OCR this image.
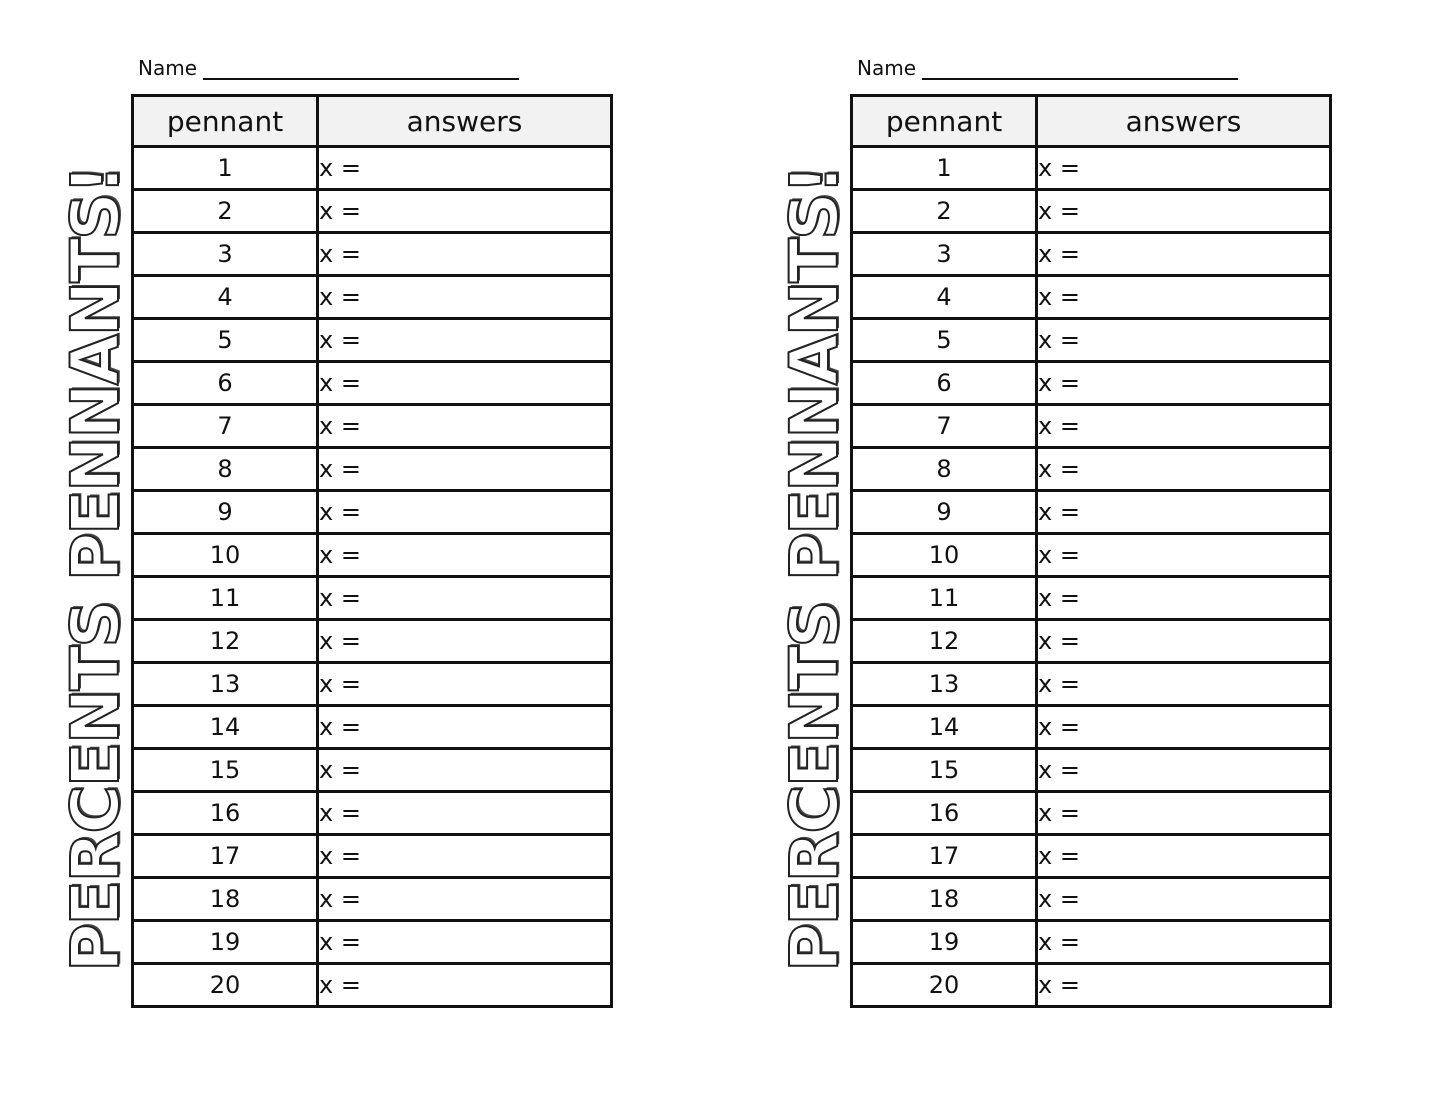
Name
PERCENTS PENNANTS!
pennant	answers
1	x =
2	x =
3	x =
4	x =
5	x =
6	x =
7	x =
8	x =
9	x =
10	x =
11	x =
12	x =
13	x =
14	x =
15	x =
16	x =
17	x =
18	x =
19	x =
20	x =
Name
PERCENTS PENNANTS!
pennant	answers
1	x =
2	x =
3	x =
4	x =
5	x =
6	x =
7	x =
8	x =
9	x =
10	x =
11	x =
12	x =
13	x =
14	x =
15	x =
16	x =
17	x =
18	x =
19	x =
20	x =
